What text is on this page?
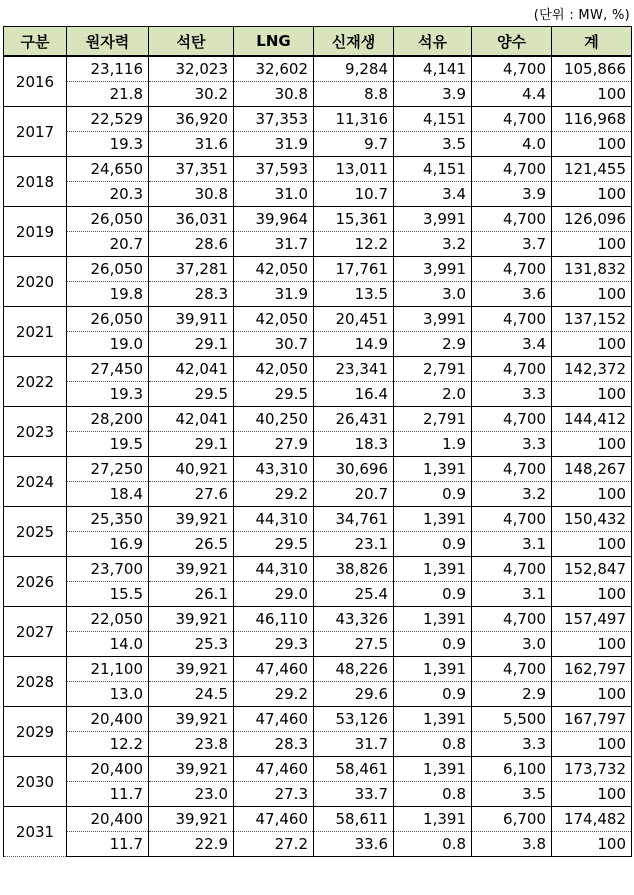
(단위 : MW, %)
구분	원자력	석탄	LNG	신재생	석유	양수	계
2016	23,116	32,023	32,602	9,284	4,141	4,700	105,866
	21.8	30.2	30.8	8.8	3.9	4.4	100
2017	22,529	36,920	37,353	11,316	4,151	4,700	116,968
	19.3	31.6	31.9	9.7	3.5	4.0	100
2018	24,650	37,351	37,593	13,011	4,151	4,700	121,455
	20.3	30.8	31.0	10.7	3.4	3.9	100
2019	26,050	36,031	39,964	15,361	3,991	4,700	126,096
	20.7	28.6	31.7	12.2	3.2	3.7	100
2020	26,050	37,281	42,050	17,761	3,991	4,700	131,832
	19.8	28.3	31.9	13.5	3.0	3.6	100
2021	26,050	39,911	42,050	20,451	3,991	4,700	137,152
	19.0	29.1	30.7	14.9	2.9	3.4	100
2022	27,450	42,041	42,050	23,341	2,791	4,700	142,372
	19.3	29.5	29.5	16.4	2.0	3.3	100
2023	28,200	42,041	40,250	26,431	2,791	4,700	144,412
	19.5	29.1	27.9	18.3	1.9	3.3	100
2024	27,250	40,921	43,310	30,696	1,391	4,700	148,267
	18.4	27.6	29.2	20.7	0.9	3.2	100
2025	25,350	39,921	44,310	34,761	1,391	4,700	150,432
	16.9	26.5	29.5	23.1	0.9	3.1	100
2026	23,700	39,921	44,310	38,826	1,391	4,700	152,847
	15.5	26.1	29.0	25.4	0.9	3.1	100
2027	22,050	39,921	46,110	43,326	1,391	4,700	157,497
	14.0	25.3	29.3	27.5	0.9	3.0	100
2028	21,100	39,921	47,460	48,226	1,391	4,700	162,797
	13.0	24.5	29.2	29.6	0.9	2.9	100
2029	20,400	39,921	47,460	53,126	1,391	5,500	167,797
	12.2	23.8	28.3	31.7	0.8	3.3	100
2030	20,400	39,921	47,460	58,461	1,391	6,100	173,732
	11.7	23.0	27.3	33.7	0.8	3.5	100
2031	20,400	39,921	47,460	58,611	1,391	6,700	174,482
	11.7	22.9	27.2	33.6	0.8	3.8	100
